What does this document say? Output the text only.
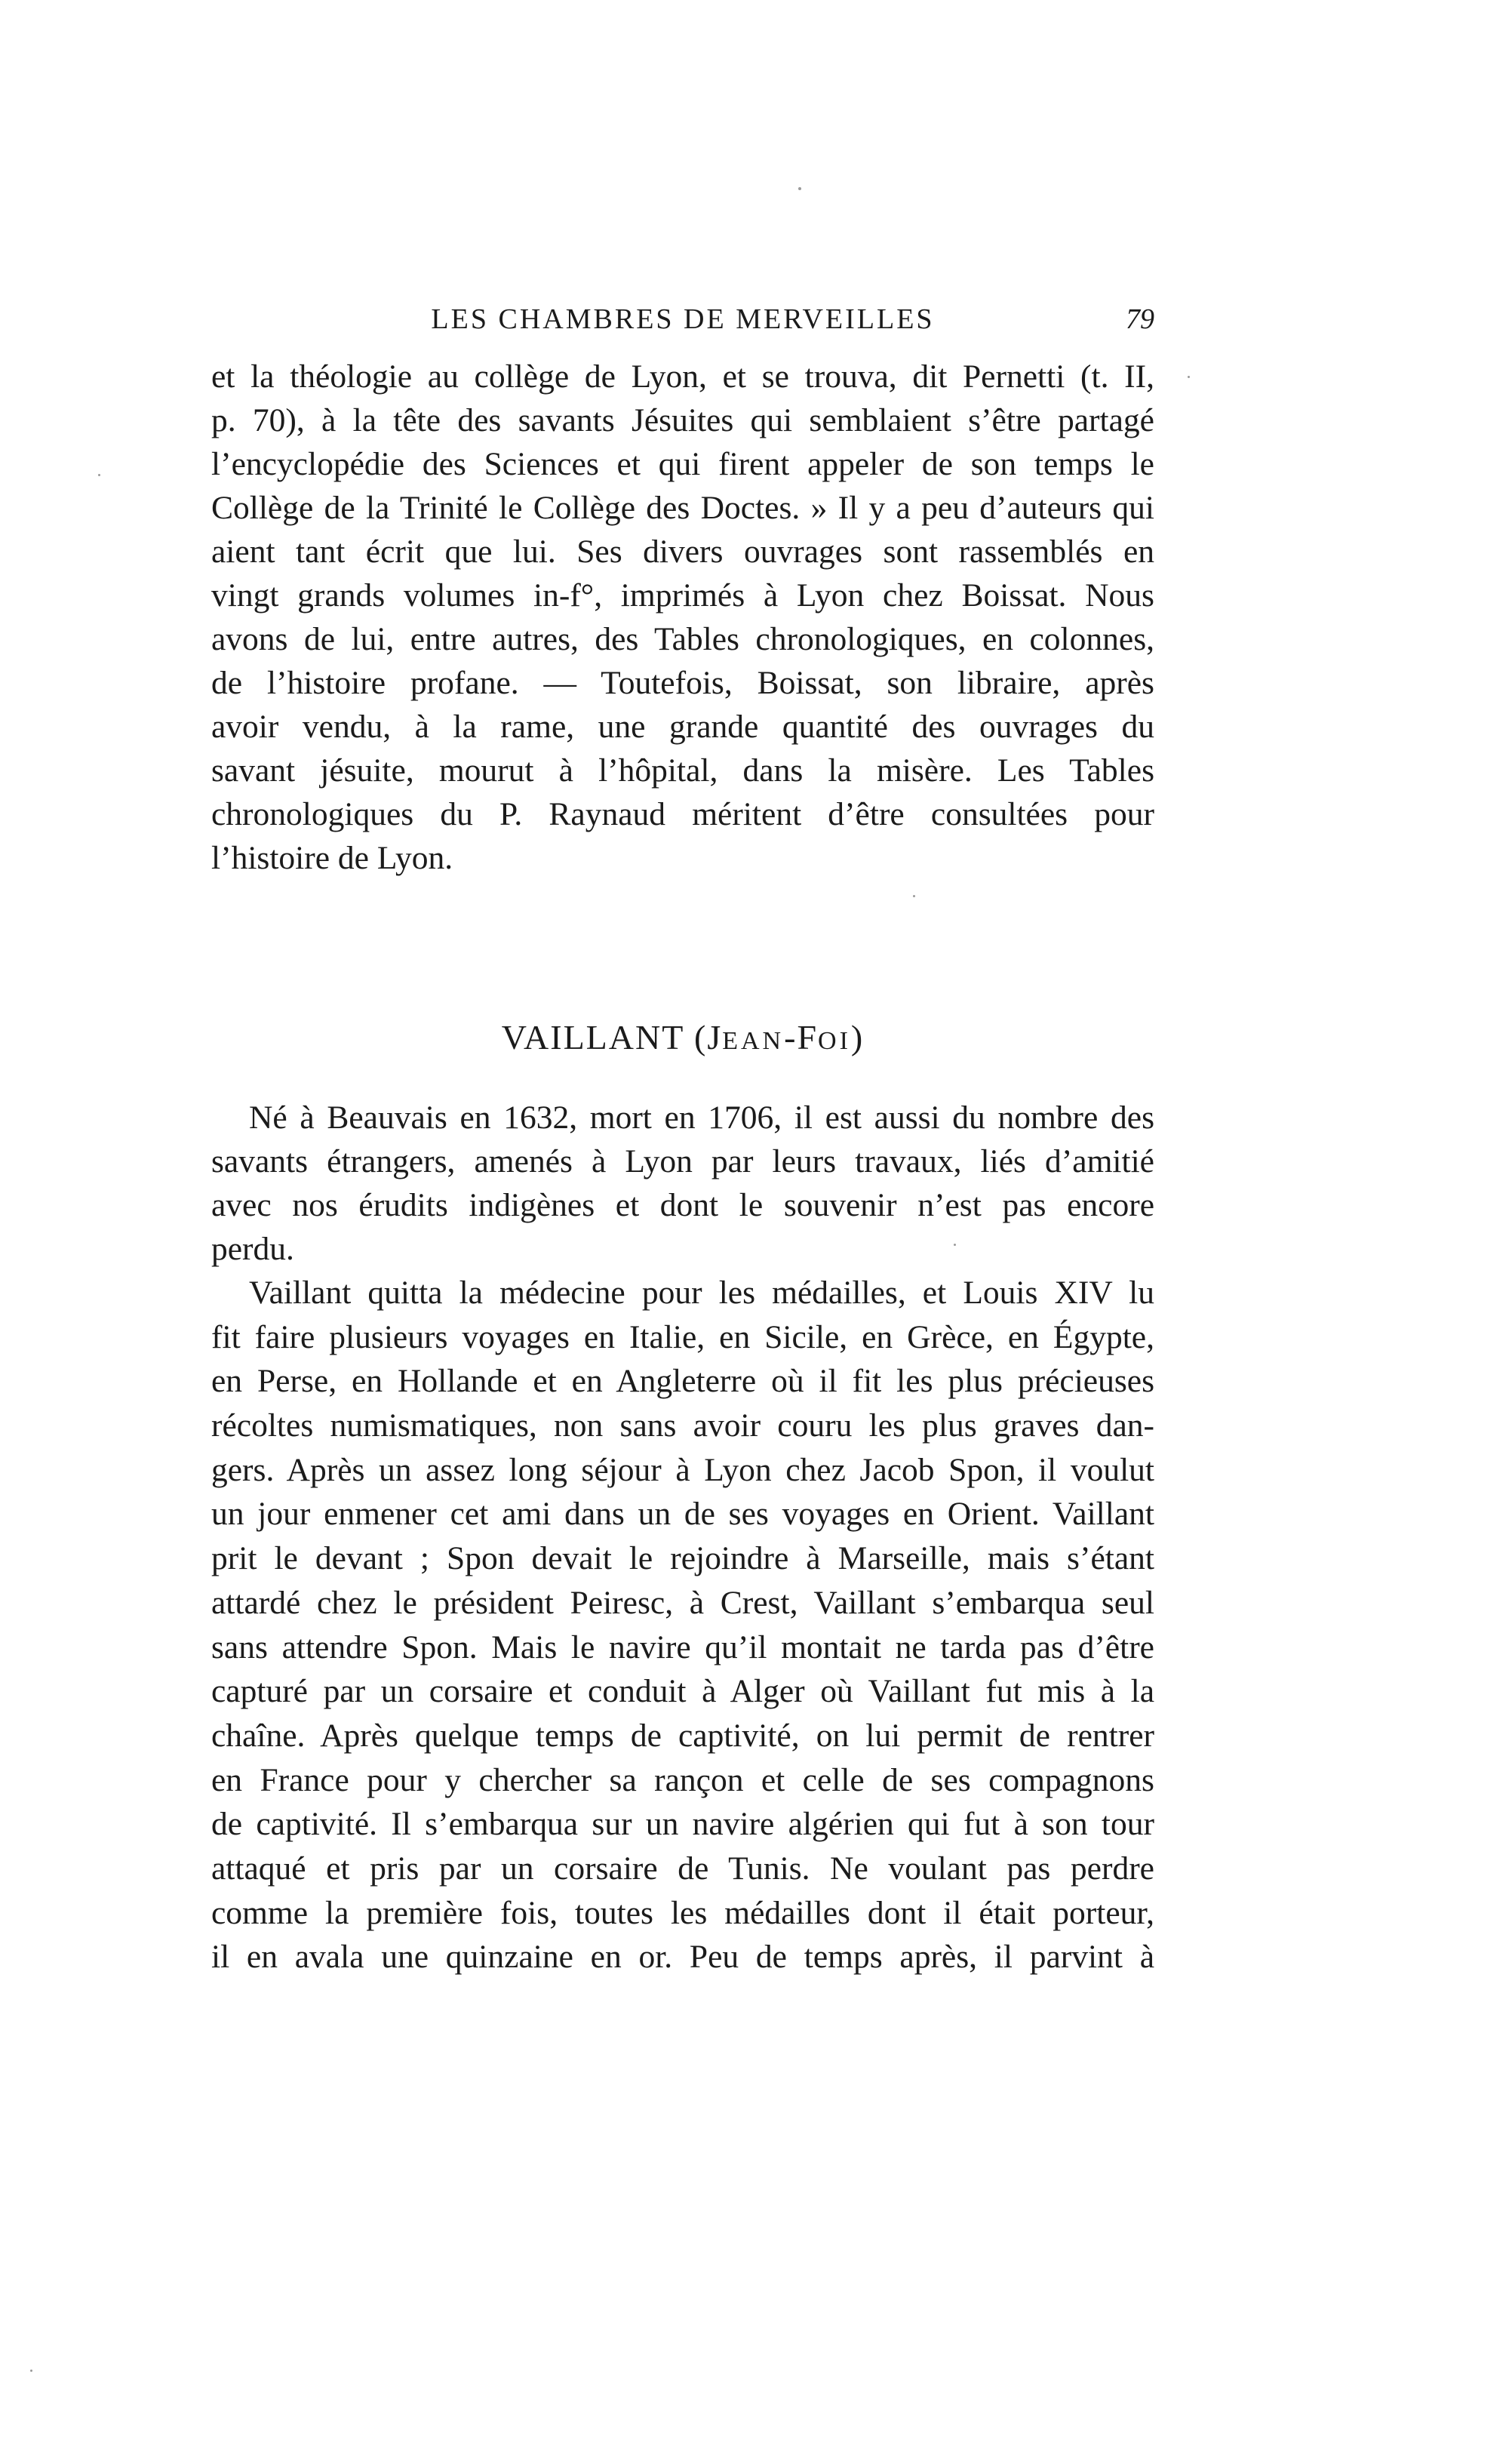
LES CHAMBRES DE MERVEILLES	79
et la théologie au collège de Lyon, et se trouva, dit Pernetti (t. II,
p. 70), à la tête des savants Jésuites qui semblaient s’être partagé
l’encyclopédie des Sciences et qui firent appeler de son temps le
Collège de la Trinité le Collège des Doctes. » Il y a peu d’auteurs qui
aient tant écrit que lui. Ses divers ouvrages sont rassemblés en
vingt grands volumes in-f°, imprimés à Lyon chez Boissat. Nous
avons de lui, entre autres, des Tables chronologiques, en colonnes,
de l’histoire profane. — Toutefois, Boissat, son libraire, après
avoir vendu, à la rame, une grande quantité des ouvrages du
savant jésuite, mourut à l’hôpital, dans la misère. Les Tables
chronologiques du P. Raynaud méritent d’être consultées pour
l’histoire de Lyon.
VAILLANT (JEAN-FOI)
Né à Beauvais en 1632, mort en 1706, il est aussi du nombre des
savants étrangers, amenés à Lyon par leurs travaux, liés d’amitié
avec nos érudits indigènes et dont le souvenir n’est pas encore
perdu.
Vaillant quitta la médecine pour les médailles, et Louis XIV lu
fit faire plusieurs voyages en Italie, en Sicile, en Grèce, en Égypte,
en Perse, en Hollande et en Angleterre où il fit les plus précieuses
récoltes numismatiques, non sans avoir couru les plus graves dan-
gers. Après un assez long séjour à Lyon chez Jacob Spon, il voulut
un jour enmener cet ami dans un de ses voyages en Orient. Vaillant
prit le devant ; Spon devait le rejoindre à Marseille, mais s’étant
attardé chez le président Peiresc, à Crest, Vaillant s’embarqua seul
sans attendre Spon. Mais le navire qu’il montait ne tarda pas d’être
capturé par un corsaire et conduit à Alger où Vaillant fut mis à la
chaîne. Après quelque temps de captivité, on lui permit de rentrer
en France pour y chercher sa rançon et celle de ses compagnons
de captivité. Il s’embarqua sur un navire algérien qui fut à son tour
attaqué et pris par un corsaire de Tunis. Ne voulant pas perdre
comme la première fois, toutes les médailles dont il était porteur,
il en avala une quinzaine en or. Peu de temps après, il parvint à
